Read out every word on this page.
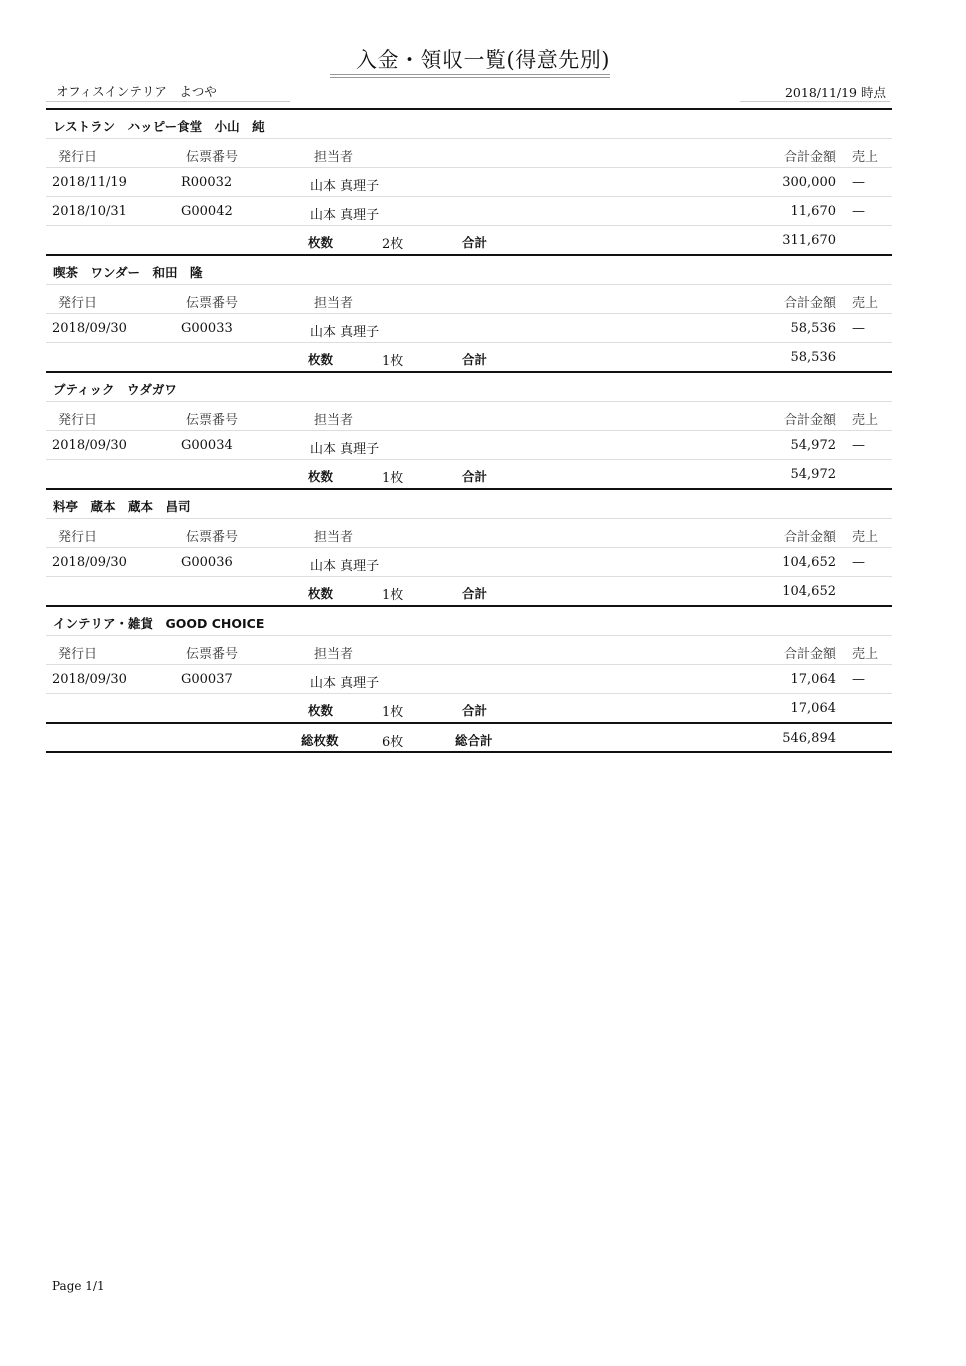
入金・領収一覧(得意先別)
オフィスインテリア　よつや	2018/11/19 時点
レストラン　ハッピー食堂　小山　純
発行日	伝票番号	担当者	合計金額 売上
2018/11/19	R00032	山本 真理子	300,000 —
2018/10/31	G00042	山本 真理子	11,670 —
枚数	2枚	合計	311,670
喫茶　ワンダー　和田　隆
発行日	伝票番号	担当者	合計金額 売上
2018/09/30	G00033	山本 真理子	58,536 —
枚数	1枚	合計	58,536
ブティック　ウダガワ
発行日	伝票番号	担当者	合計金額 売上
2018/09/30	G00034	山本 真理子	54,972 —
枚数	1枚	合計	54,972
料亭　蔵本　蔵本　昌司
発行日	伝票番号	担当者	合計金額 売上
2018/09/30	G00036	山本 真理子	104,652 —
枚数	1枚	合計	104,652
インテリア・雑貨　GOOD CHOICE
発行日	伝票番号	担当者	合計金額 売上
2018/09/30	G00037	山本 真理子	17,064 —
枚数	1枚	合計	17,064
総枚数	6枚	総合計	546,894
Page 1/1
